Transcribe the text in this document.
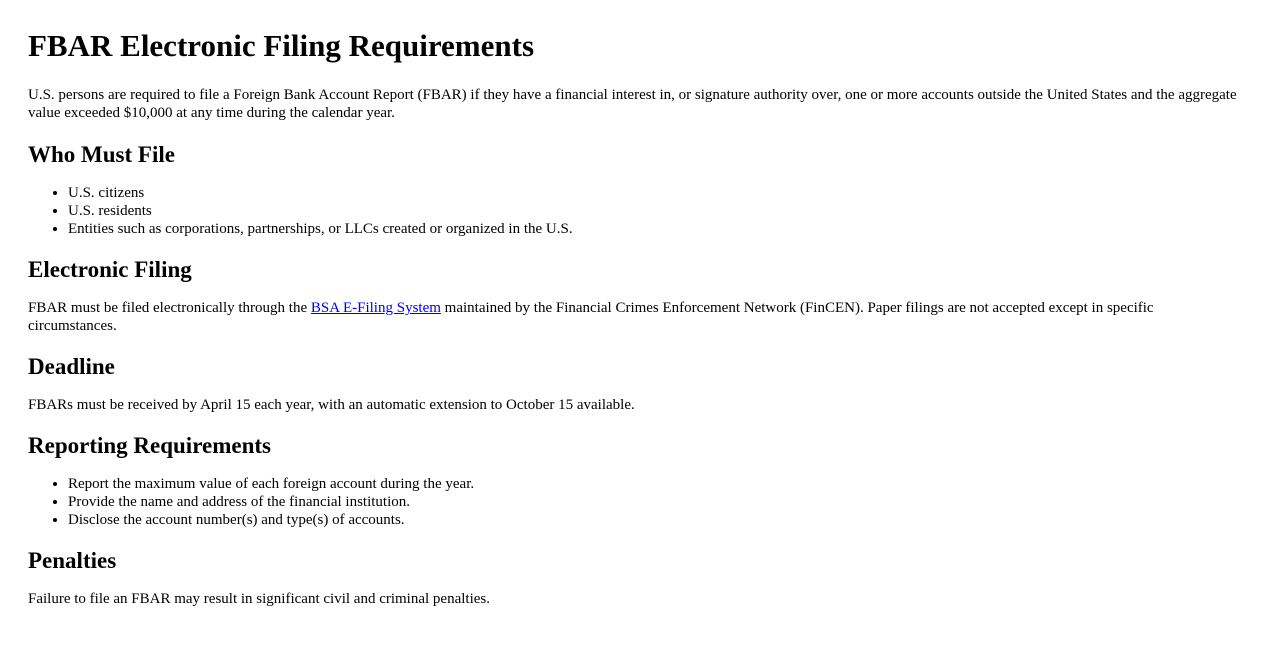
FBAR Electronic Filing Requirements

U.S. persons are required to file a Foreign Bank Account Report (FBAR) if they have a financial interest in, or signature authority over, one or more accounts outside the United States and the aggregate value exceeded $10,000 at any time during the calendar year.

Who Must File
• U.S. citizens
• U.S. residents
• Entities such as corporations, partnerships, or LLCs created or organized in the U.S.
Electronic Filing

FBAR must be filed electronically through the BSA E-Filing System maintained by the Financial Crimes Enforcement Network (FinCEN). Paper filings are not accepted except in specific circumstances.

Deadline

FBARs must be received by April 15 each year, with an automatic extension to October 15 available.

Reporting Requirements
• Report the maximum value of each foreign account during the year.
• Provide the name and address of the financial institution.
• Disclose the account number(s) and type(s) of accounts.
Penalties

Failure to file an FBAR may result in significant civil and criminal penalties.
